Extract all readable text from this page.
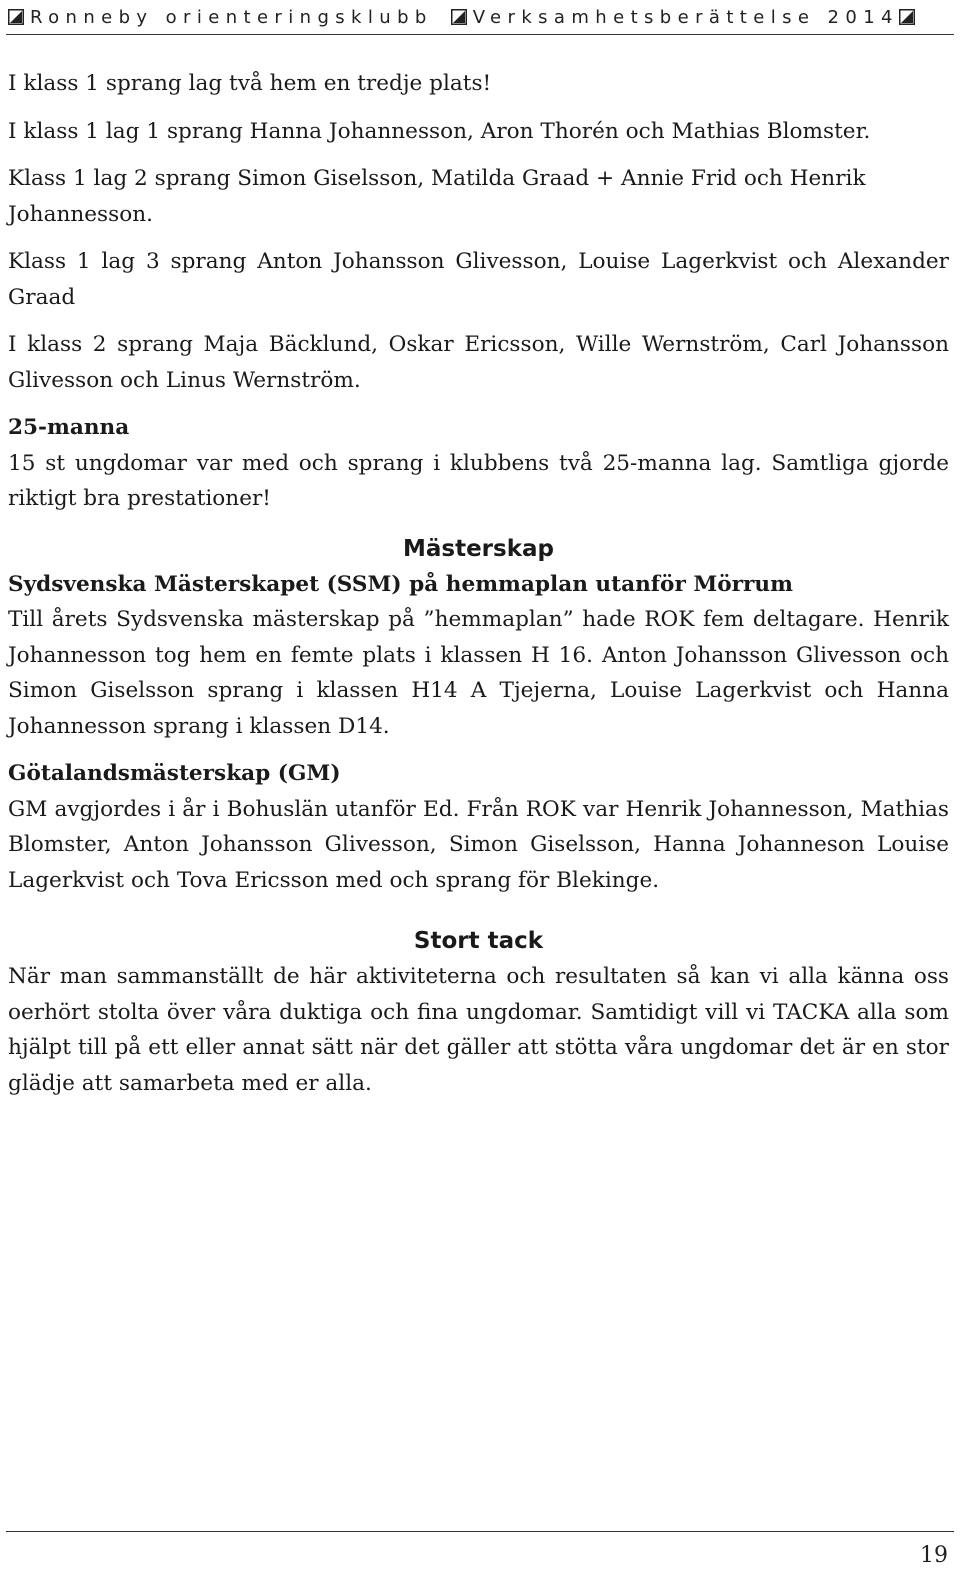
Ronneby orienteringsklubb Verksamhetsberättelse 2014

I klass 1 sprang lag två hem en tredje plats!

I klass 1 lag 1 sprang Hanna Johannesson, Aron Thorén och Mathias Blomster.

Klass 1 lag 2 sprang Simon Giselsson, Matilda Graad + Annie Frid och Henrik Johannesson.

Klass 1 lag 3 sprang Anton Johansson Glivesson, Louise Lagerkvist och Alexander Graad

I klass 2 sprang Maja Bäcklund, Oskar Ericsson, Wille Wernström, Carl Johansson Glivesson och Linus Wernström.

25-manna

15 st ungdomar var med och sprang i klubbens två 25-manna lag. Samtliga gjorde riktigt bra prestationer!

Mästerskap

Sydsvenska Mästerskapet (SSM) på hemmaplan utanför Mörrum

Till årets Sydsvenska mästerskap på ”hemmaplan” hade ROK fem deltagare. Henrik Johannesson tog hem en femte plats i klassen H 16. Anton Johansson Glivesson och Simon Giselsson sprang i klassen H14 A Tjejerna, Louise Lagerkvist och Hanna Johannesson sprang i klassen D14.

Götalandsmästerskap (GM)

GM avgjordes i år i Bohuslän utanför Ed. Från ROK var Henrik Johannesson, Mathias Blomster, Anton Johansson Glivesson, Simon Giselsson, Hanna Johanneson Louise Lagerkvist och Tova Ericsson med och sprang för Blekinge.

Stort tack

När man sammanställt de här aktiviteterna och resultaten så kan vi alla känna oss oerhört stolta över våra duktiga och fina ungdomar. Samtidigt vill vi TACKA alla som hjälpt till på ett eller annat sätt när det gäller att stötta våra ungdomar det är en stor glädje att samarbeta med er alla.

19
